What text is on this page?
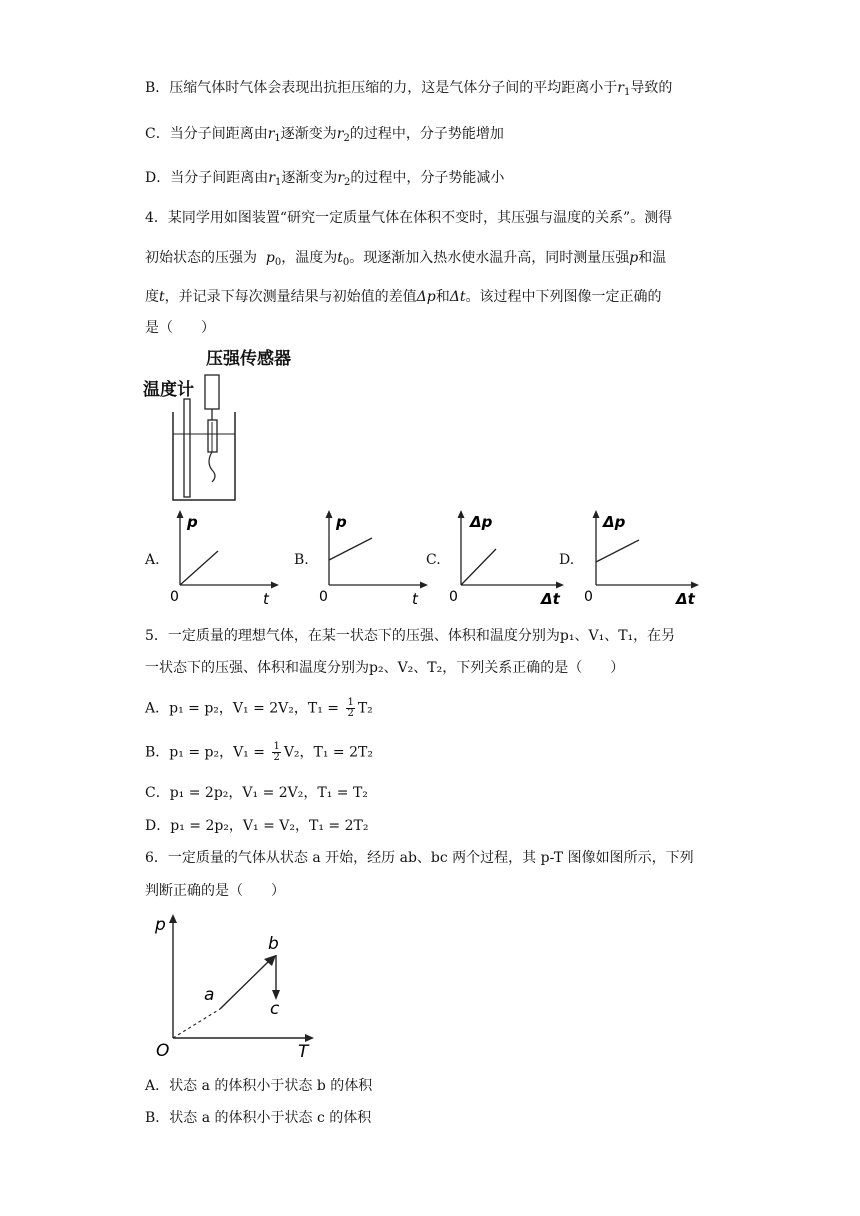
B．压缩气体时气体会表现出抗拒压缩的力，这是气体分子间的平均距离小于$r_1$导致的
C．当分子间距离由$r_1$逐渐变为$r_2$的过程中，分子势能增加
D．当分子间距离由$r_1$逐渐变为$r_2$的过程中，分子势能减小
4．某同学用如图装置“研究一定质量气体在体积不变时，其压强与温度的关系”。测得
初始状态的压强为 $p_0$，温度为$t_0$。现逐渐加入热水使水温升高，同时测量压强p和温
度t，并记录下每次测量结果与初始值的差值Δp和Δt。该过程中下列图像一定正确的
是（　　）
压强传感器
温度计
A.
p
t
0
B.
p
t
0
C.
Δp
Δt
0
D.
Δp
Δt
0
5．一定质量的理想气体，在某一状态下的压强、体积和温度分别为p₁、V₁、T₁，在另
一状态下的压强、体积和温度分别为p₂、V₂、T₂，下列关系正确的是（　　）
A．p₁ = p₂，V₁ = 2V₂，$T_1 = \frac{1}{2} T_2$
B．p₁ = p₂，$V_1 = \frac{1}{2} V_2$，T₁ = 2T₂
C．p₁ = 2p₂，V₁ = 2V₂，T₁ = T₂
D．p₁ = 2p₂，V₁ = V₂，T₁ = 2T₂
6．一定质量的气体从状态 a 开始，经历 ab、bc 两个过程，其 p-T 图像如图所示，下列
判断正确的是（　　）
p
T
O
a
b
c
A．状态 a 的体积小于状态 b 的体积
B．状态 a 的体积小于状态 c 的体积
